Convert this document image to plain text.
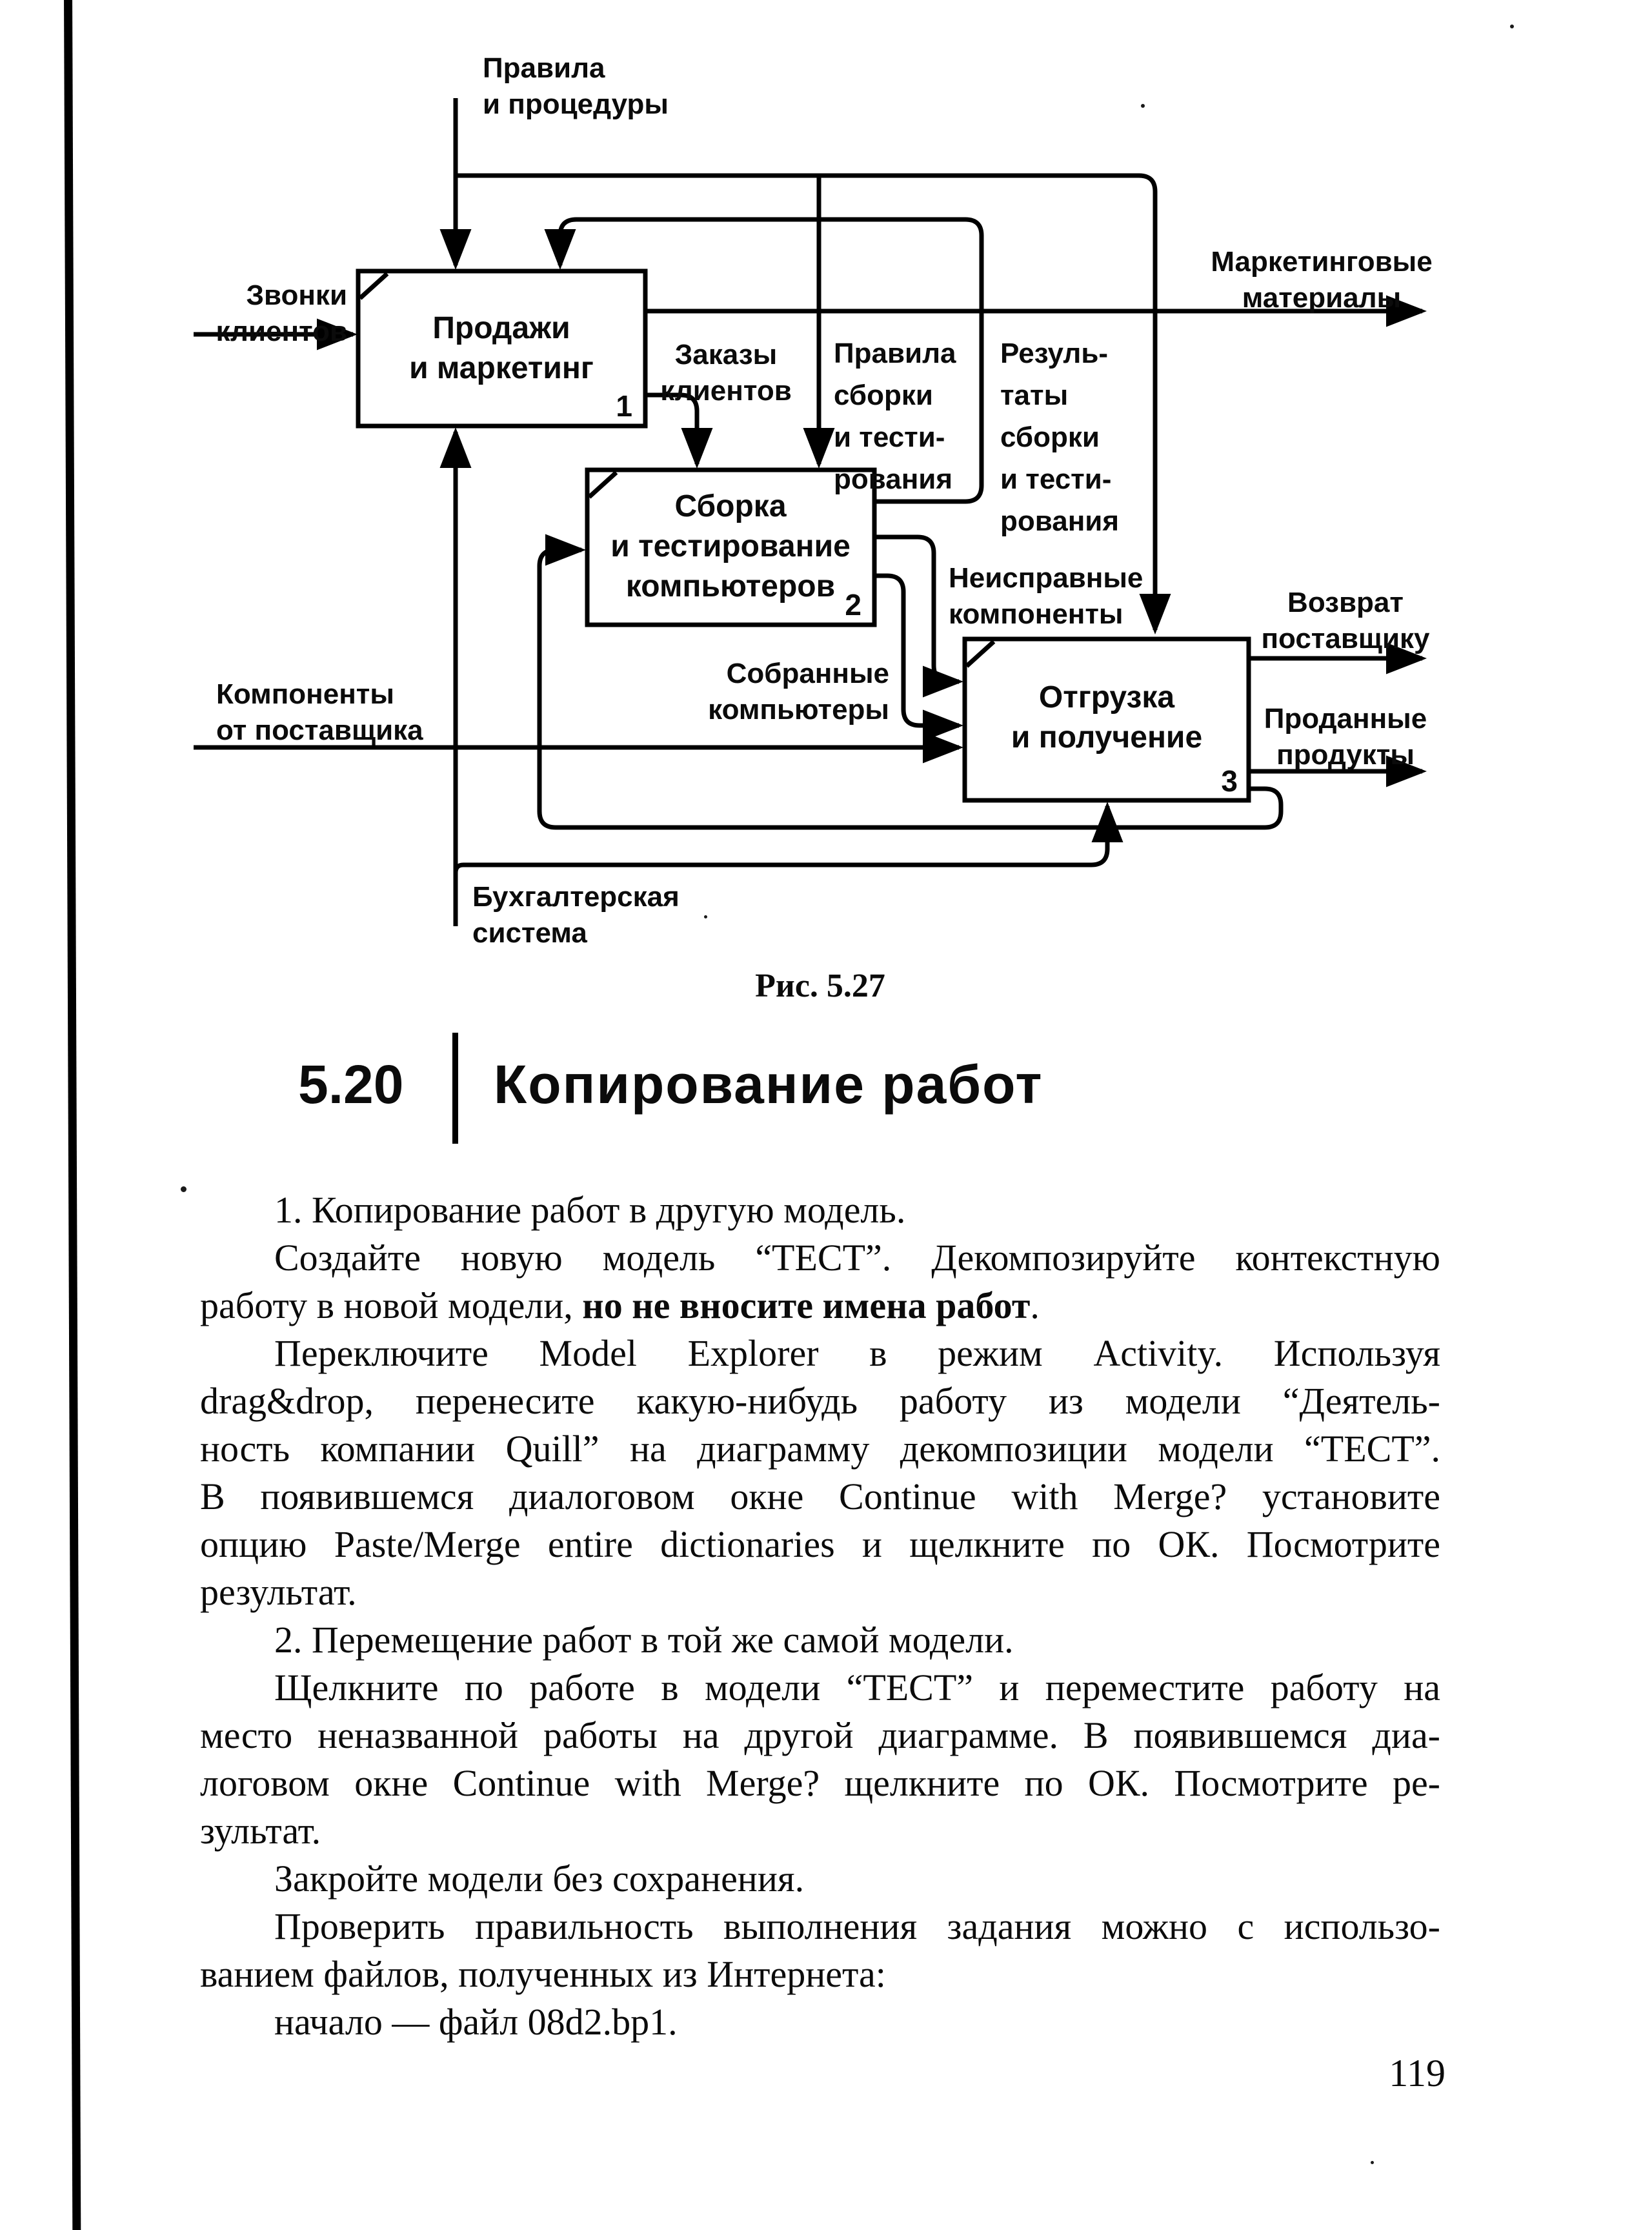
Продажи
и маркетинг
1
Сборка
и тестирование
компьютеров
2
Отгрузка
и получение
3
Звонки
клиентов
Правила
и процедуры
Маркетинговые
материалы
Заказы
клиентов
Правила
сборки
и тести-
рования
Резуль-
таты
сборки
и тести-
рования
Неисправные
компоненты
Собранные
компьютеры
Компоненты
от поставщика
Возврат
поставщику
Проданные
продукты
Бухгалтерская
система
Рис. 5.27
5.20 Копирование работ
1. Копирование работ в другую модель.
Создайте новую модель “ТЕСТ”. Декомпозируйте контекстную
работу в новой модели, но не вносите имена работ.
Переключите Model Explorer в режим Activity. Используя
drag&drop, перенесите какую-нибудь работу из модели “Деятель-
ность компании Quill” на диаграмму декомпозиции модели “ТЕСТ”.
В появившемся диалоговом окне Continue with Merge? установите
опцию Paste/Merge entire dictionaries и щелкните по ОК. Посмотрите
результат.
2. Перемещение работ в той же самой модели.
Щелкните по работе в модели “ТЕСТ” и переместите работу на
место неназванной работы на другой диаграмме. В появившемся диа-
логовом окне Continue with Merge? щелкните по ОК. Посмотрите ре-
зультат.
Закройте модели без сохранения.
Проверить правильность выполнения задания можно с использо-
ванием файлов, полученных из Интернета:
начало — файл 08d2.bp1.
119
